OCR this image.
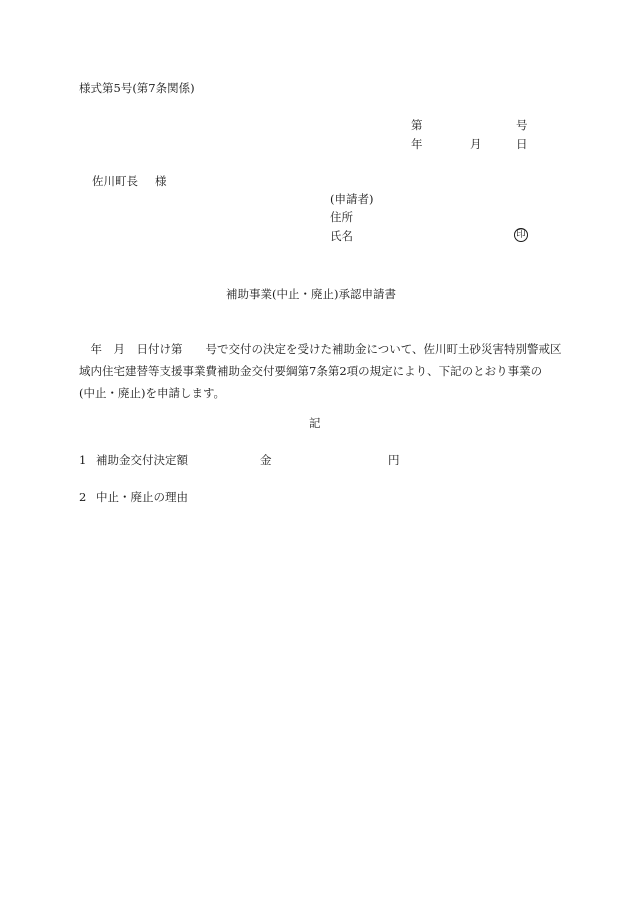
様式第5号(第7条関係)
第	号
年	月	日
佐川町長 様
(申請者)
住所
氏名	印
補助事業(中止・廃止)承認申請書
　年　月　日付け第　　号で交付の決定を受けた補助金について、佐川町土砂災害特別警戒区
域内住宅建替等支援事業費補助金交付要綱第7条第2項の規定により、下記のとおり事業の
(中止・廃止)を申請します。
記
1 補助金交付決定額	金	円
2 中止・廃止の理由
